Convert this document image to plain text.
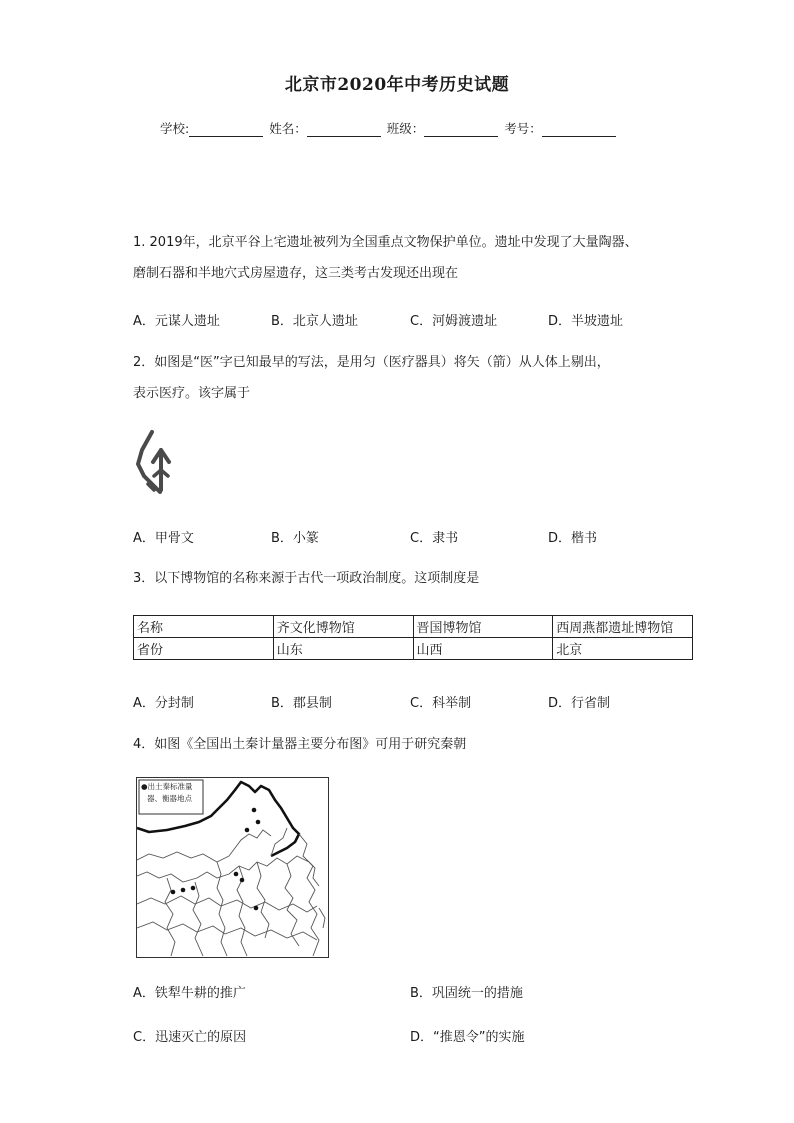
北京市2020年中考历史试题
学校:	姓名：	班级：	考号：
1. 2019年，北京平谷上宅遗址被列为全国重点文物保护单位。遗址中发现了大量陶器、
磨制石器和半地穴式房屋遗存，这三类考古发现还出现在
A．元谋人遗址	B．北京人遗址	C．河姆渡遗址	D．半坡遗址
2．如图是“医”字已知最早的写法，是用匀（医疗器具）将矢（箭）从人体上剔出，
表示医疗。该字属于
A．甲骨文	B．小篆	C．隶书	D．楷书
3．以下博物馆的名称来源于古代一项政治制度。这项制度是
名称	齐文化博物馆	晋国博物馆	西周燕都遗址博物馆
省份	山东	山西	北京
A．分封制	B．郡县制	C．科举制	D．行省制
4．如图《全国出土秦计量器主要分布图》可用于研究秦朝
●出土秦标准量
器、衡器地点
A．铁犁牛耕的推广	B．巩固统一的措施
C．迅速灭亡的原因	D．“推恩令”的实施
